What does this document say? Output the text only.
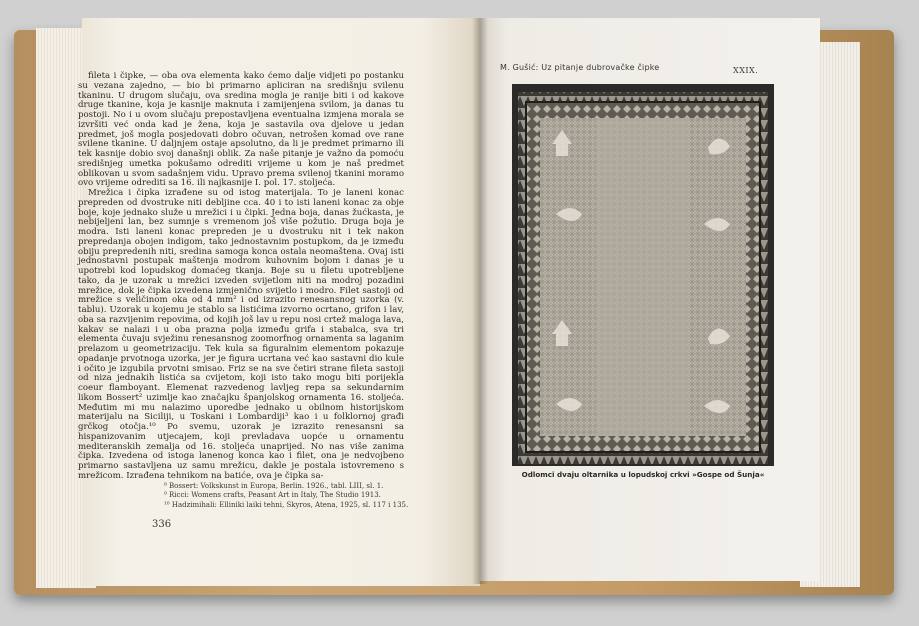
fileta i čipke, — oba ova elementa kako ćemo dalje vidjeti po postanku su vezana zajedno, — bio bi primarno apliciran na središnju svilenu tkaninu. U drugom slučaju, ova sredina mogla je ranije biti i od kakove druge tkanine, koja je kasnije maknuta i zamijenjena svilom, ja danas tu postoji. No i u ovom slučaju prepostavljena eventualna izmjena morala se izvršiti već onda kad je žena, koja je sastavila ova djelove u jedan predmet, još mogla posjedovati dobro očuvan, netrošen komad ove rane svilene tkanine. U daljnjem ostaje apsolutno, da li je predmet primarno ili tek kasnije dobio svoj današnji oblik. Za naše pitanje je važno da pomoću središnjeg umetka pokušamo odrediti vrijeme u kom je naš predmet oblikovan u svom sadašnjem vidu. Upravo prema svilenoj tkanini moramo ovo vrijeme odrediti sa 16. ili najkasnije I. pol. 17. stoljeća.

Mrežica i čipka izrađene su od istog materijala. To je laneni konac prepreden od dvostruke niti debljine cca. 40 i to isti laneni konac za obje boje, koje jednako služe u mrežici i u čipki. Jedna boja, danas žućkasta, je nebijeljeni lan, bez sumnje s vremenom još više požutio. Druga boja je modra. Isti laneni konac prepreden je u dvostruku nit i tek nakon prepredanja obojen indigom, tako jednostavnim postupkom, da je između obiju prepredenih niti, sredina samoga konca ostala neomaštena. Ovaj isti jednostavni postupak maštenja modrom kuhovnim bojom i danas je u upotrebi kod lopudskog domaćeg tkanja. Boje su u filetu upotrebljene tako, da je uzorak u mrežici izveden svijetlom niti na modroj pozadini mrežice, dok je čipka izvedena izmjenično svijetlo i modro. Filet sastoji od mrežice s veličinom oka od 4 mm² i od izrazito renesansnog uzorka (v. tablu). Uzorak u kojemu je stablo sa listićima izvorno ocrtano, grifon i lav, oba sa razvijenim repovima, od kojih još lav u repu nosi crtež maloga lava, kakav se nalazi i u oba prazna polja između grifa i stabalca, sva tri elementa čuvaju svježinu renesansnog zoomorfnog ornamenta sa laganim prelazom u geometrizaciju. Tek kula sa figuralnim elementom pokazuje opadanje prvotnoga uzorka, jer je figura ucrtana već kao sastavni dio kule i očito je izgubila prvotni smisao. Friz se na sve četiri strane fileta sastoji od niza jednakih listića sa cvijetom, koji isto tako mogu biti porijekla coeur flamboyant. Elemenat razvedenog lavljeg repa sa sekundarnim likom Bossert² uzimlje kao značajku španjolskog ornamenta 16. stoljeća. Međutim mi mu nalazimo uporedbe jednako u obilnom historijskom materijalu na Siciliji, u Toskani i Lombardiji³ kao i u folklornoj građi grčkog otočja.¹⁰ Po svemu, uzorak je izrazito renesansni sa hispanizovanim utjecajem, koji prevladava uopće u ornamentu mediteranskih zemalja od 16. stoljeća unaprijed. No nas više zanima čipka. Izvedena od istoga lanenog konca kao i filet, ona je nedvojbeno primarno sastavljena uz samu mrežicu, dakle je postala istovremeno s mrežicom. Izrađena tehnikom na batiće, ova je čipka sa-

⁸ Bossert: Volkskunst in Europa, Berlin. 1926., tabl. LIII, sl. 1.
⁹ Ricci: Womens crafts, Peasant Art in Italy, The Studio 1913.
¹⁰ Hadzimihali: Elliniki laiki tehni, Skyros, Atena, 1925, sl. 117 i 135.
336
M. Gušić: Uz pitanje dubrovačke čipke	XXIX.
Odlomci dvaju oltarnika u lopudskoj crkvi »Gospe od Šunja«
